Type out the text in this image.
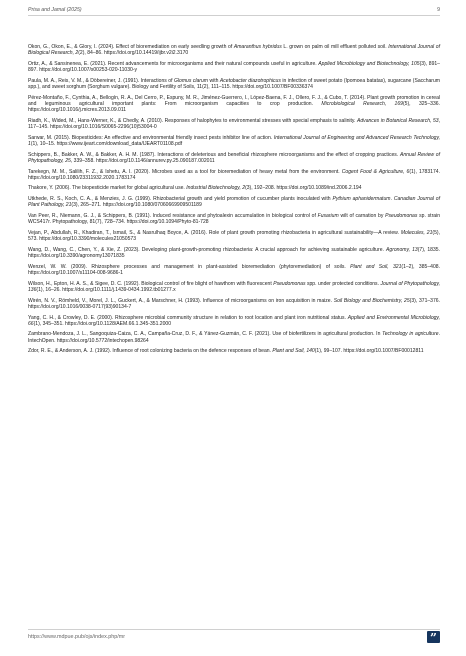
Prisa and Jamal (2025)	9

Okon, G., Okon, E., & Glory, I. (2024). Effect of bioremediation on early seedling growth of Amaranthus hybridus L. grown on palm oil mill effluent polluted soil. International Journal of Biological Research, 2(2), 84–86. https://doi.org/10.14419/ijbr.v2i2.3170

Ortiz, A., & Sansinenea, E. (2021). Recent advancements for microorganisms and their natural compounds useful in agriculture. Applied Microbiology and Biotechnology, 105(3), 891–897. https://doi.org/10.1007/s00253-020-11030-y

Paula, M. A., Reis, V. M., & Döbereiner, J. (1991). Interactions of Glomus clarum with Acetobacter diazotrophicus in infection of sweet potato (Ipomoea batatas), sugarcane (Saccharum spp.), and sweet sorghum (Sorghum vulgare). Biology and Fertility of Soils, 11(2), 111–115. https://doi.org/10.1007/BF00336374

Pérez-Montaño, F., Cynthia, A., Bellogín, R. A., Del Cerro, P., Espuny, M. R., Jiménez-Guerrero, I., López-Baena, F. J., Ollero, F. J., & Cubo, T. (2014). Plant growth promotion in cereal and leguminous agricultural important plants: From microorganism capacities to crop production. Microbiological Research, 169(5), 325–336. https://doi.org/10.1016/j.micres.2013.09.011

Riadh, K., Wided, M., Hans-Werner, K., & Chedly, A. (2010). Responses of halophytes to environmental stresses with special emphasis to salinity. Advances in Botanical Research, 53, 117–145. https://doi.org/10.1016/S0065-2296(10)53004-0

Sarwar, M. (2015). Biopesticides: An effective and environmental friendly insect pests inhibitor line of action. International Journal of Engineering and Advanced Research Technology, 1(1), 10–15. https://www.ijeart.com/download_data/IJEART01108.pdf

Schippers, B., Bakker, A. W., & Bakker, A. H. M. (1987). Interactions of deleterious and beneficial rhizosphere microorganisms and the effect of cropping practices. Annual Review of Phytopathology, 25, 339–358. https://doi.org/10.1146/annurev.py.25.090187.002011

Tarekegn, M. M., Salilih, F. Z., & Ishetu, A. I. (2020). Microbes used as a tool for bioremediation of heavy metal from the environment. Cogent Food & Agriculture, 6(1), 1783174. https://doi.org/10.1080/23311932.2020.1783174

Thakore, Y. (2006). The biopesticide market for global agricultural use. Industrial Biotechnology, 2(3), 192–208. https://doi.org/10.1089/ind.2006.2.194

Utkhede, R. S., Koch, C. A., & Menzies, J. G. (1999). Rhizobacterial growth and yield promotion of cucumber plants inoculated with Pythium aphanidermatum. Canadian Journal of Plant Pathology, 21(3), 265–271. https://doi.org/10.1080/07060669909501189

Van Peer, R., Niemann, G. J., & Schippers, B. (1991). Induced resistance and phytoalexin accumulation in biological control of Fusarium wilt of carnation by Pseudomonas sp. strain WCS417r. Phytopathology, 81(7), 728–734. https://doi.org/10.1094/Phyto-81-728

Vejan, P., Abdullah, R., Khadiran, T., Ismail, S., & Nasrulhaq Boyce, A. (2016). Role of plant growth promoting rhizobacteria in agricultural sustainability—A review. Molecules, 21(5), 573. https://doi.org/10.3390/molecules21050573

Wang, D., Wang, C., Chen, Y., & Xie, Z. (2023). Developing plant-growth-promoting rhizobacteria: A crucial approach for achieving sustainable agriculture. Agronomy, 13(7), 1835. https://doi.org/10.3390/agronomy13071835

Wenzel, W. W. (2009). Rhizosphere processes and management in plant-assisted bioremediation (phytoremediation) of soils. Plant and Soil, 321(1–2), 385–408. https://doi.org/10.1007/s11104-008-9686-1

Wilson, H., Epton, H. A. S., & Sigee, D. C. (1992). Biological control of fire blight of hawthorn with fluorescent Pseudomonas spp. under protected conditions. Journal of Phytopathology, 136(1), 16–26. https://doi.org/10.1111/j.1439-0434.1992.tb01277.x

Wirén, N. V., Römheld, V., Morel, J. L., Guckert, A., & Marschner, H. (1993). Influence of microorganisms on iron acquisition in maize. Soil Biology and Biochemistry, 25(3), 371–376. https://doi.org/10.1016/0038-0717(93)90134-7

Yang, C. H., & Crowley, D. E. (2000). Rhizosphere microbial community structure in relation to root location and plant iron nutritional status. Applied and Environmental Microbiology, 66(1), 345–351. https://doi.org/10.1128/AEM.66.1.345-351.2000

Zambrano-Mendoza, J. L., Sangoquiza-Caiza, C. A., Campaña-Cruz, D. F., & Yánez-Guzmán, C. F. (2021). Use of biofertilizers in agricultural production. In Technology in agriculture. IntechOpen. https://doi.org/10.5772/intechopen.98264

Zdor, R. E., & Anderson, A. J. (1992). Influence of root colonizing bacteria on the defence responses of bean. Plant and Soil, 140(1), 99–107. https://doi.org/10.1007/BF00012811

https://www.mdpue.pub/ojs/index.php/mr	”
